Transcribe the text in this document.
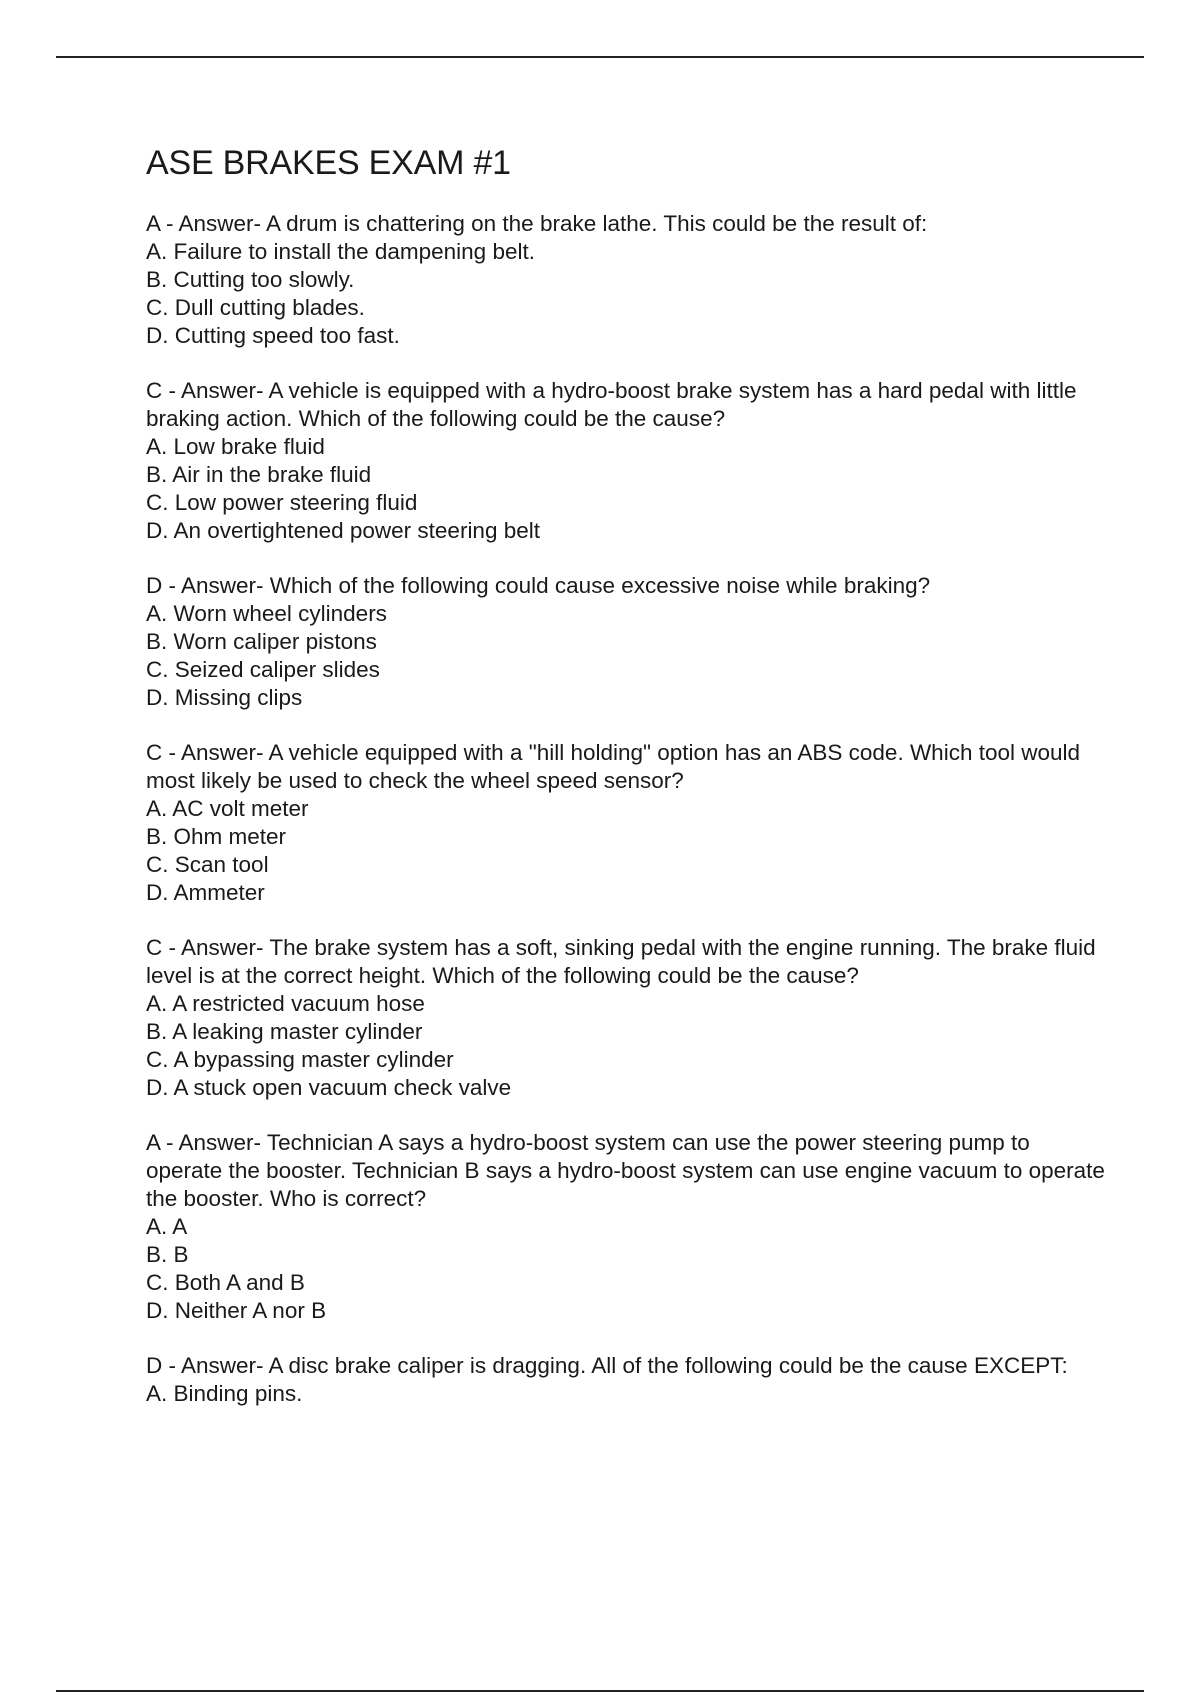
ASE BRAKES EXAM #1

A - Answer- A drum is chattering on the brake lathe. This could be the result of:

A. Failure to install the dampening belt.

B. Cutting too slowly.

C. Dull cutting blades.

D. Cutting speed too fast.

C - Answer- A vehicle is equipped with a hydro-boost brake system has a hard pedal with little braking action. Which of the following could be the cause?

A. Low brake fluid

B. Air in the brake fluid

C. Low power steering fluid

D. An overtightened power steering belt

D - Answer- Which of the following could cause excessive noise while braking?

A. Worn wheel cylinders

B. Worn caliper pistons

C. Seized caliper slides

D. Missing clips

C - Answer- A vehicle equipped with a "hill holding" option has an ABS code. Which tool would most likely be used to check the wheel speed sensor?

A. AC volt meter

B. Ohm meter

C. Scan tool

D. Ammeter

C - Answer- The brake system has a soft, sinking pedal with the engine running. The brake fluid level is at the correct height. Which of the following could be the cause?

A. A restricted vacuum hose

B. A leaking master cylinder

C. A bypassing master cylinder

D. A stuck open vacuum check valve

A - Answer- Technician A says a hydro-boost system can use the power steering pump to operate the booster. Technician B says a hydro-boost system can use engine vacuum to operate the booster. Who is correct?

A. A

B. B

C. Both A and B

D. Neither A nor B

D - Answer- A disc brake caliper is dragging. All of the following could be the cause EXCEPT:

A. Binding pins.
